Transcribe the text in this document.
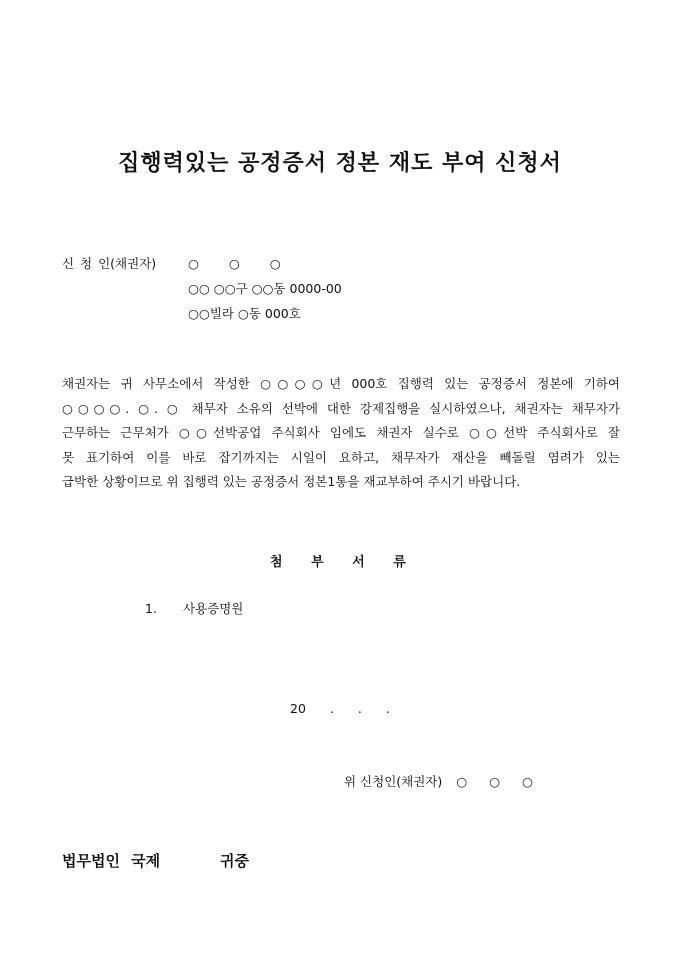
집행력있는 공정증서 정본 재도 부여 신청서
신 청 인(채권자)	○ ○ ○
○○ ○○구 ○○동 0000-00
○○빌라 ○동 000호
채권자는 귀 사무소에서 작성한 ○○○○년 000호 집행력 있는 공정증서 정본에 기하여
○○○○. ○. ○ 채무자 소유의 선박에 대한 강제집행을 실시하였으나, 채권자는 채무자가
근무하는 근무처가 ○○선박공업 주식회사 임에도 채권자 실수로 ○○선박 주식회사로 잘
못 표기하여 이를 바로 잡기까지는 시일이 요하고, 채무자가 재산을 빼돌릴 염려가 있는
급박한 상황이므로 위 집행력 있는 공정증서 정본1통을 재교부하여 주시기 바랍니다.
첨 부 서 류
1. 사용증명원
20 . . .
위 신청인(채권자) ○ ○ ○
법무법인 국제	귀중
